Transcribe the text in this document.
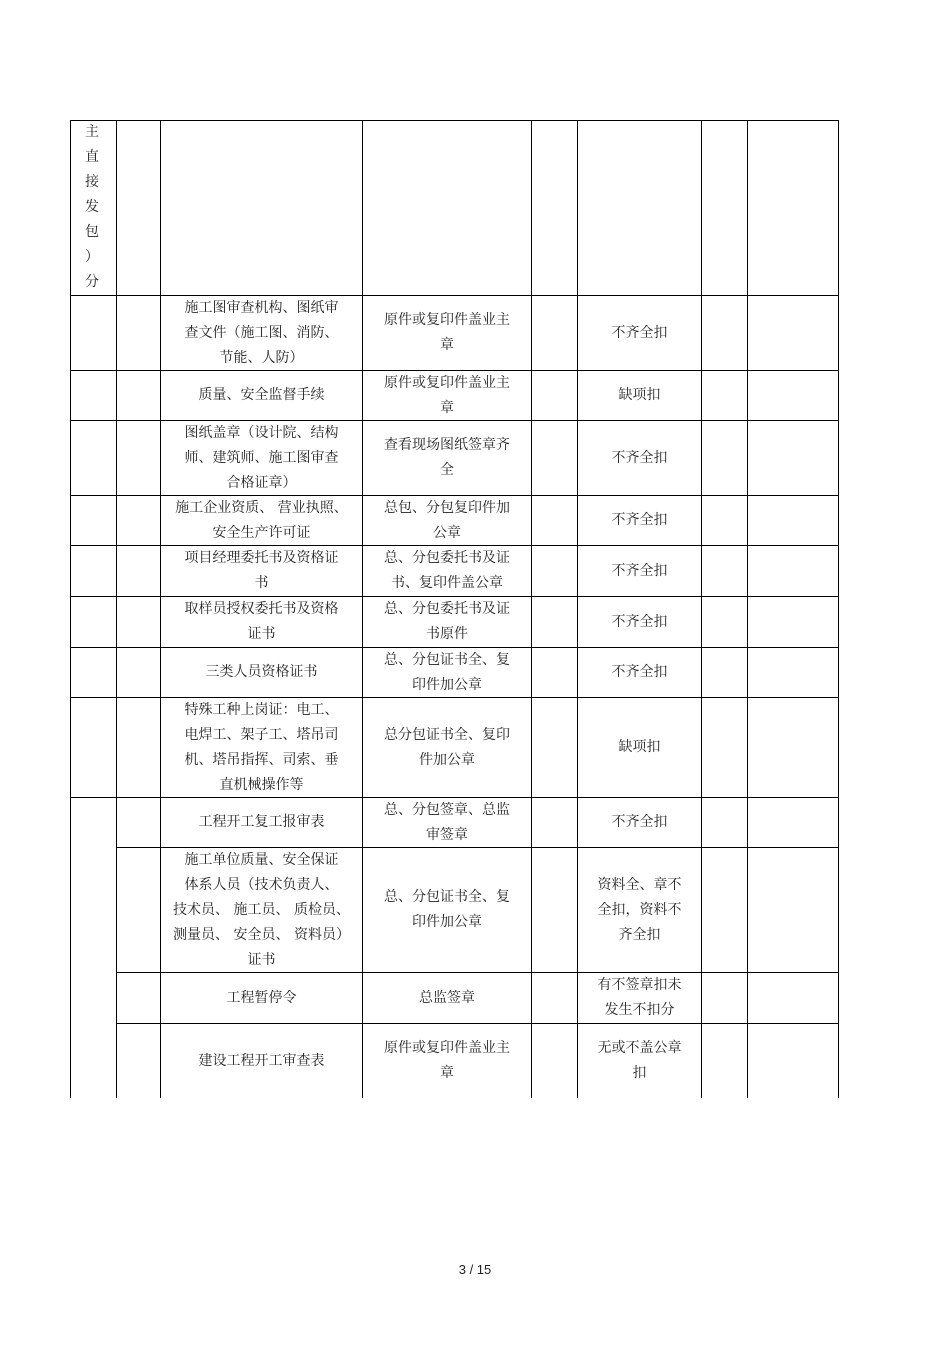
主
直
接
发
包
）
分
施工图审查机构、图纸审
查文件（施工图、消防、
节能、人防）
原件或复印件盖业主
章
不齐全扣
质量、安全监督手续
原件或复印件盖业主
章
缺项扣
图纸盖章（设计院、结构
师、建筑师、施工图审查
合格证章）
查看现场图纸签章齐
全
不齐全扣
施工企业资质、 营业执照、
安全生产许可证
总包、分包复印件加
公章
不齐全扣
项目经理委托书及资格证
书
总、分包委托书及证
书、复印件盖公章
不齐全扣
取样员授权委托书及资格
证书
总、分包委托书及证
书原件
不齐全扣
三类人员资格证书
总、分包证书全、复
印件加公章
不齐全扣
特殊工种上岗证：电工、
电焊工、架子工、塔吊司
机、塔吊指挥、司索、垂
直机械操作等
总分包证书全、复印
件加公章
缺项扣
工程开工复工报审表
总、分包签章、总监
审签章
不齐全扣
施工单位质量、安全保证
体系人员（技术负责人、
技术员、 施工员、 质检员、
测量员、 安全员、 资料员）
证书
总、分包证书全、复
印件加公章
资料全、章不
全扣，资料不
齐全扣
工程暂停令	总监签章
有不签章扣未
发生不扣分
建设工程开工审查表
原件或复印件盖业主
章
无或不盖公章
扣
3 / 15
